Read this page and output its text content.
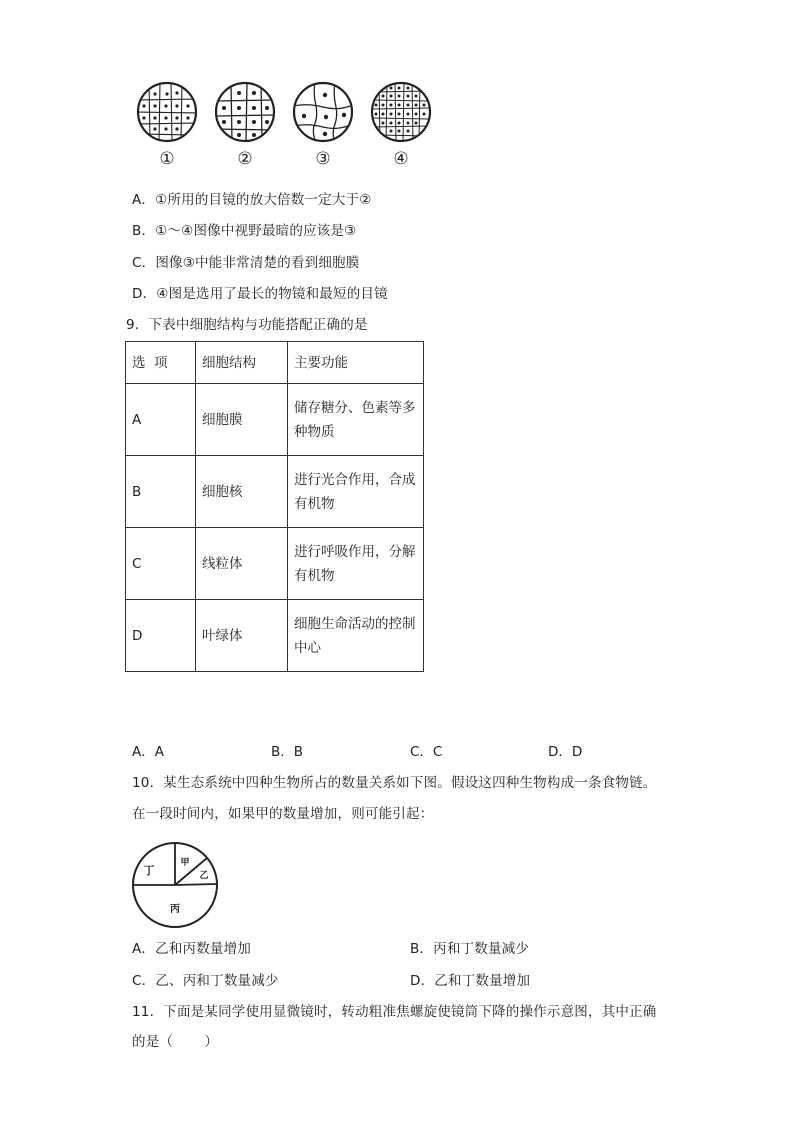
①	②	③	④
A．①所用的目镜的放大倍数一定大于②
B．①～④图像中视野最暗的应该是③
C．图像③中能非常清楚的看到细胞膜
D．④图是选用了最长的物镜和最短的目镜
9．下表中细胞结构与功能搭配正确的是
选  项	细胞结构	主要功能
A	细胞膜	储存糖分、色素等多种物质
B	细胞核	进行光合作用，合成有机物
C	线粒体	进行呼吸作用，分解有机物
D	叶绿体	细胞生命活动的控制中心
A．A	B．B	C．C	D．D
10．某生态系统中四种生物所占的数量关系如下图。假设这四种生物构成一条食物链。
在一段时间内，如果甲的数量增加，则可能引起：
丁
甲
乙
丙
A．乙和丙数量增加	B．丙和丁数量减少
C．乙、丙和丁数量减少	D．乙和丁数量增加
11．下面是某同学使用显微镜时，转动粗准焦螺旋使镜筒下降的操作示意图，其中正确
的是（       ）
